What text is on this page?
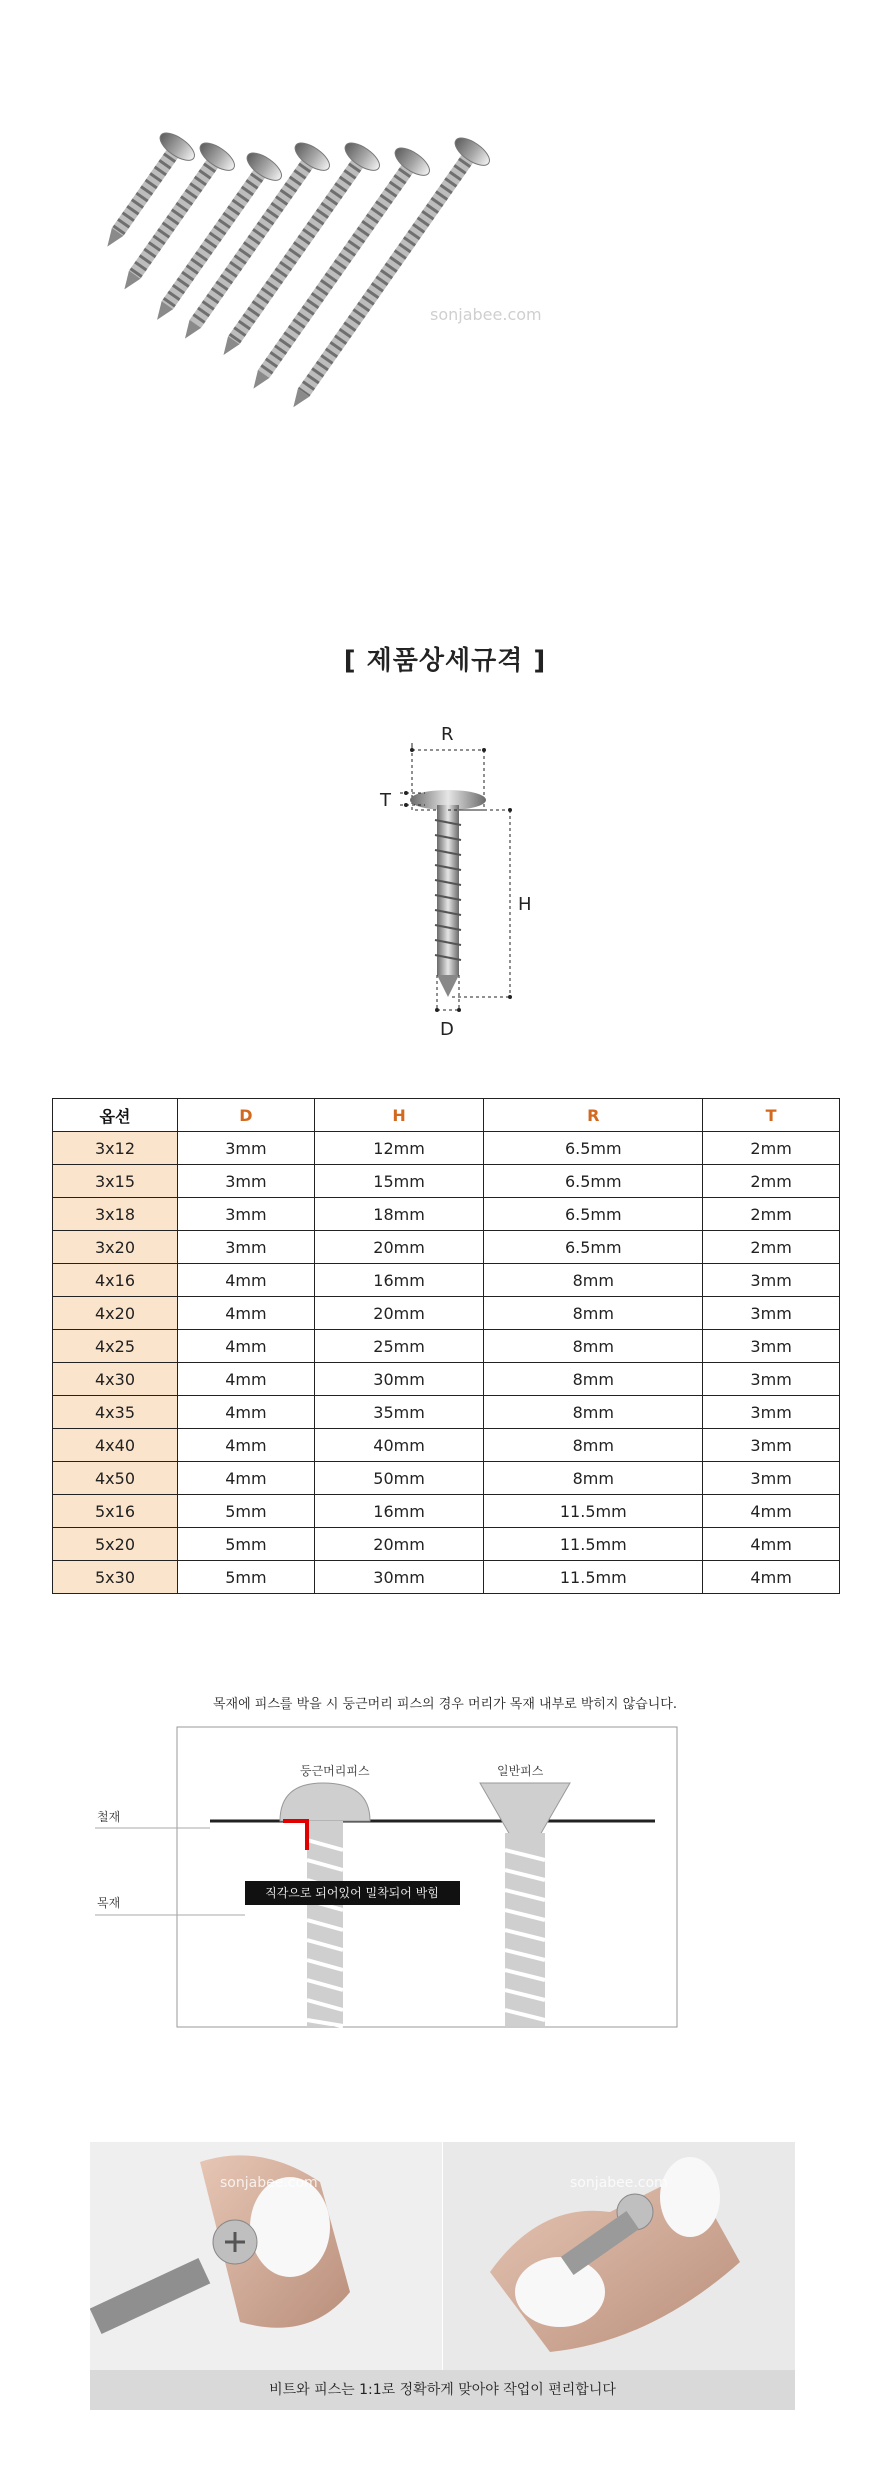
sonjabee.com
[ 제품상세규격 ]
R
T
H
D
옵션	D	H	R	T
3x12	3mm	12mm	6.5mm	2mm
3x15	3mm	15mm	6.5mm	2mm
3x18	3mm	18mm	6.5mm	2mm
3x20	3mm	20mm	6.5mm	2mm
4x16	4mm	16mm	8mm	3mm
4x20	4mm	20mm	8mm	3mm
4x25	4mm	25mm	8mm	3mm
4x30	4mm	30mm	8mm	3mm
4x35	4mm	35mm	8mm	3mm
4x40	4mm	40mm	8mm	3mm
4x50	4mm	50mm	8mm	3mm
5x16	5mm	16mm	11.5mm	4mm
5x20	5mm	20mm	11.5mm	4mm
5x30	5mm	30mm	11.5mm	4mm
목재에 피스를 박을 시 둥근머리 피스의 경우 머리가 목재 내부로 박히지 않습니다.
철재
목재
둥근머리피스	일반피스
직각으로 되어있어 밀착되어 박힘
sonjabee.com	sonjabee.com
비트와 피스는 1:1로 정확하게 맞아야 작업이 편리합니다
